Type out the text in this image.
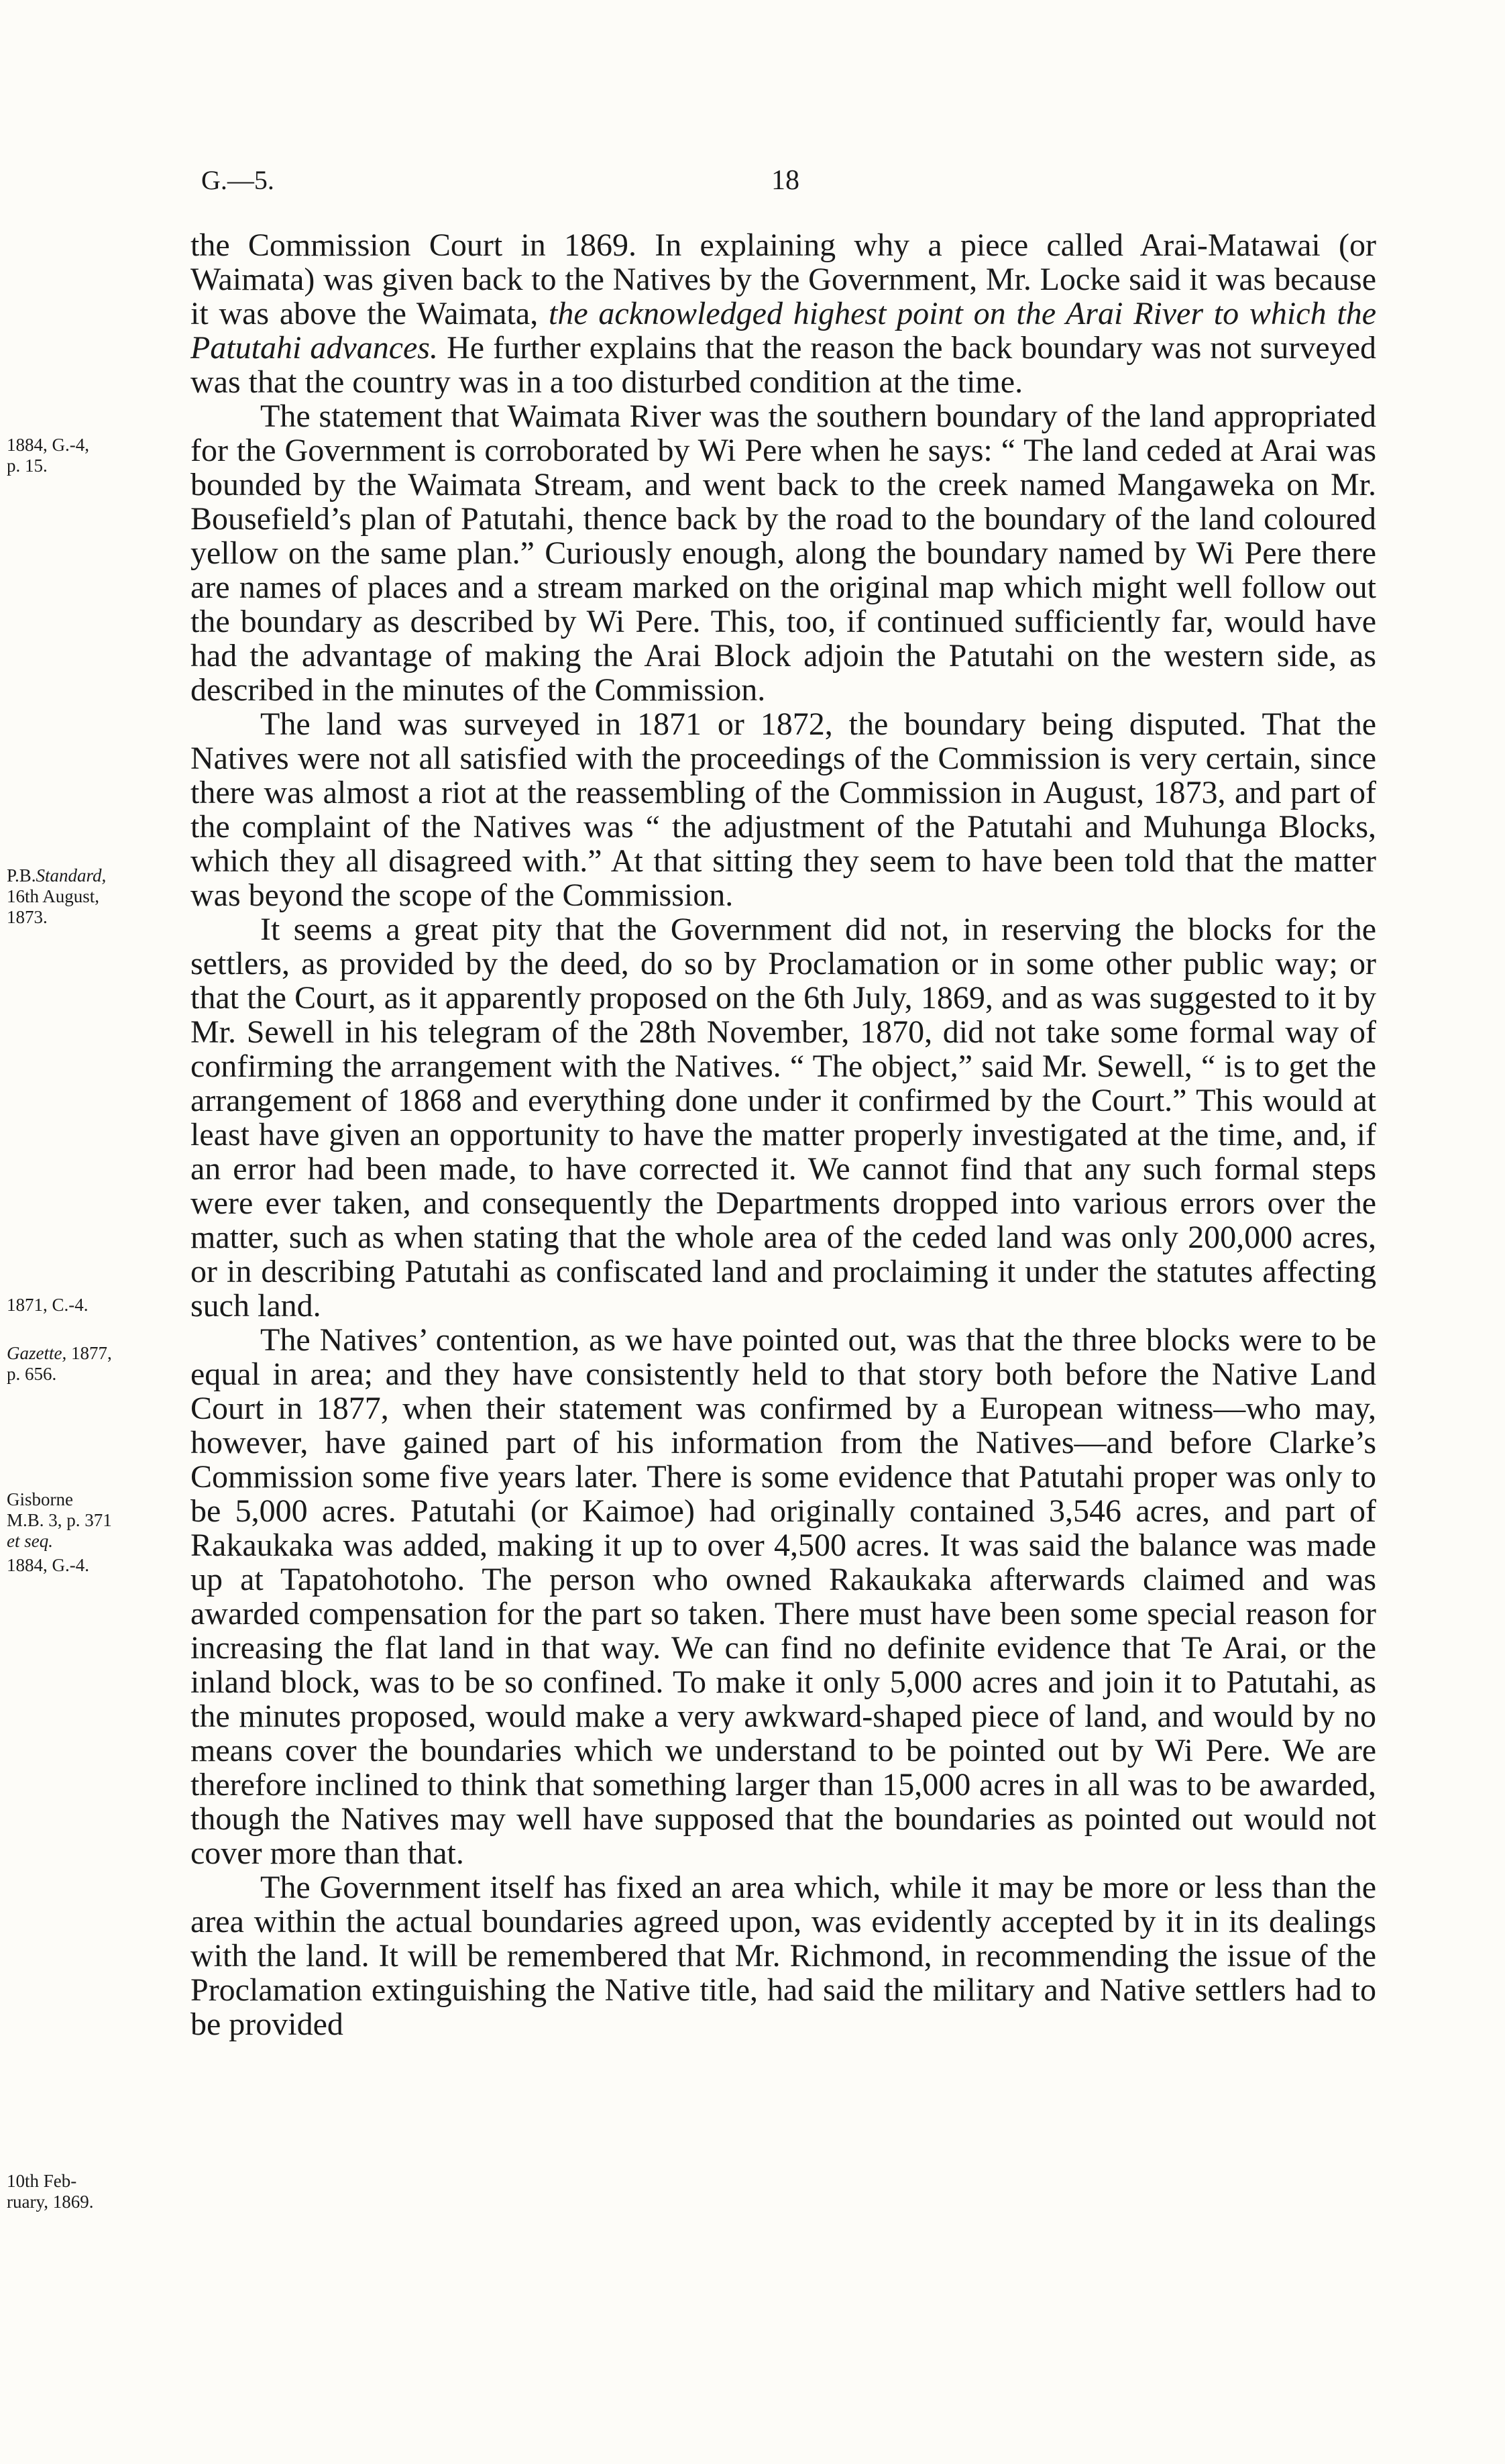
G.—5.	18

the Commission Court in 1869. In explaining why a piece called Arai-Matawai (or Waimata) was given back to the Natives by the Government, Mr. Locke said it was because it was above the Waimata, the acknowledged highest point on the Arai River to which the Patutahi advances. He further explains that the reason the back boundary was not surveyed was that the country was in a too disturbed condition at the time.

The statement that Waimata River was the southern boundary of the land appropriated for the Government is corroborated by Wi Pere when he says: “ The land ceded at Arai was bounded by the Waimata Stream, and went back to the creek named Mangaweka on Mr. Bousefield’s plan of Patutahi, thence back by the road to the boundary of the land coloured yellow on the same plan.” Curiously enough, along the boundary named by Wi Pere there are names of places and a stream marked on the original map which might well follow out the boundary as described by Wi Pere. This, too, if continued sufficiently far, would have had the advantage of making the Arai Block adjoin the Patutahi on the western side, as described in the minutes of the Commission.

The land was surveyed in 1871 or 1872, the boundary being disputed. That the Natives were not all satisfied with the proceedings of the Commission is very certain, since there was almost a riot at the reassembling of the Commission in August, 1873, and part of the complaint of the Natives was “ the adjustment of the Patutahi and Muhunga Blocks, which they all disagreed with.” At that sitting they seem to have been told that the matter was beyond the scope of the Commission.

It seems a great pity that the Government did not, in reserving the blocks for the settlers, as provided by the deed, do so by Proclamation or in some other public way; or that the Court, as it apparently proposed on the 6th July, 1869, and as was suggested to it by Mr. Sewell in his telegram of the 28th November, 1870, did not take some formal way of confirming the arrangement with the Natives. “ The object,” said Mr. Sewell, “ is to get the arrangement of 1868 and everything done under it confirmed by the Court.” This would at least have given an opportunity to have the matter properly investigated at the time, and, if an error had been made, to have corrected it. We cannot find that any such formal steps were ever taken, and consequently the Departments dropped into various errors over the matter, such as when stating that the whole area of the ceded land was only 200,000 acres, or in describing Patutahi as confiscated land and proclaiming it under the statutes affecting such land.

The Natives’ contention, as we have pointed out, was that the three blocks were to be equal in area; and they have consistently held to that story both before the Native Land Court in 1877, when their statement was confirmed by a European witness—who may, however, have gained part of his information from the Natives—and before Clarke’s Commission some five years later. There is some evidence that Patutahi proper was only to be 5,000 acres. Patutahi (or Kaimoe) had originally contained 3,546 acres, and part of Rakaukaka was added, making it up to over 4,500 acres. It was said the balance was made up at Tapatohotoho. The person who owned Rakaukaka afterwards claimed and was awarded compensation for the part so taken. There must have been some special reason for increasing the flat land in that way. We can find no definite evidence that Te Arai, or the inland block, was to be so confined. To make it only 5,000 acres and join it to Patutahi, as the minutes proposed, would make a very awkward-shaped piece of land, and would by no means cover the boundaries which we understand to be pointed out by Wi Pere. We are therefore inclined to think that something larger than 15,000 acres in all was to be awarded, though the Natives may well have supposed that the boundaries as pointed out would not cover more than that.

The Government itself has fixed an area which, while it may be more or less than the area within the actual boundaries agreed upon, was evidently accepted by it in its dealings with the land. It will be remembered that Mr. Richmond, in recommending the issue of the Proclamation extinguishing the Native title, had said the military and Native settlers had to be provided

1884, G.-4,
p. 15.
P.B.Standard,
16th August,
1873.
1871, C.-4.
Gazette, 1877,
p. 656.
Gisborne
M.B. 3, p. 371
et seq.
1884, G.-4.
10th Feb-
ruary, 1869.
